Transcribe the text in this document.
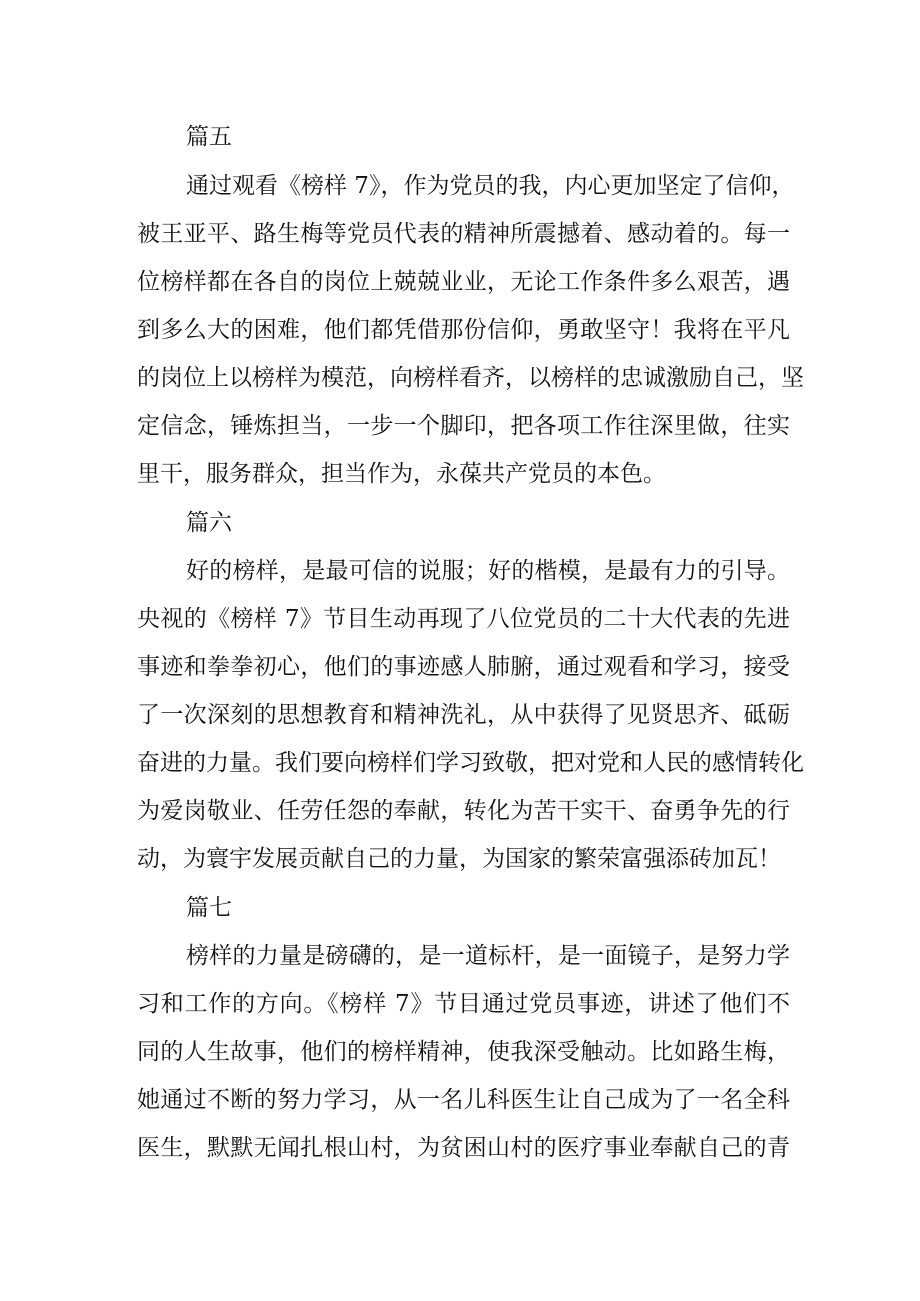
篇五
通过观看《榜样 7》，作为党员的我，内心更加坚定了信仰，
被王亚平、路生梅等党员代表的精神所震撼着、感动着的。每一
位榜样都在各自的岗位上兢兢业业，无论工作条件多么艰苦，遇
到多么大的困难，他们都凭借那份信仰，勇敢坚守！我将在平凡
的岗位上以榜样为模范，向榜样看齐，以榜样的忠诚激励自己，坚
定信念，锤炼担当，一步一个脚印，把各项工作往深里做，往实
里干，服务群众，担当作为，永葆共产党员的本色。
篇六
好的榜样，是最可信的说服；好的楷模，是最有力的引导。
央视的《榜样 7》节目生动再现了八位党员的二十大代表的先进
事迹和拳拳初心，他们的事迹感人肺腑，通过观看和学习，接受
了一次深刻的思想教育和精神洗礼，从中获得了见贤思齐、砥砺
奋进的力量。我们要向榜样们学习致敬，把对党和人民的感情转化
为爱岗敬业、任劳任怨的奉献，转化为苦干实干、奋勇争先的行
动，为寰宇发展贡献自己的力量，为国家的繁荣富强添砖加瓦！
篇七
榜样的力量是磅礴的，是一道标杆，是一面镜子，是努力学
习和工作的方向。《榜样 7》节目通过党员事迹，讲述了他们不
同的人生故事，他们的榜样精神，使我深受触动。比如路生梅，
她通过不断的努力学习，从一名儿科医生让自己成为了一名全科
医生，默默无闻扎根山村，为贫困山村的医疗事业奉献自己的青
